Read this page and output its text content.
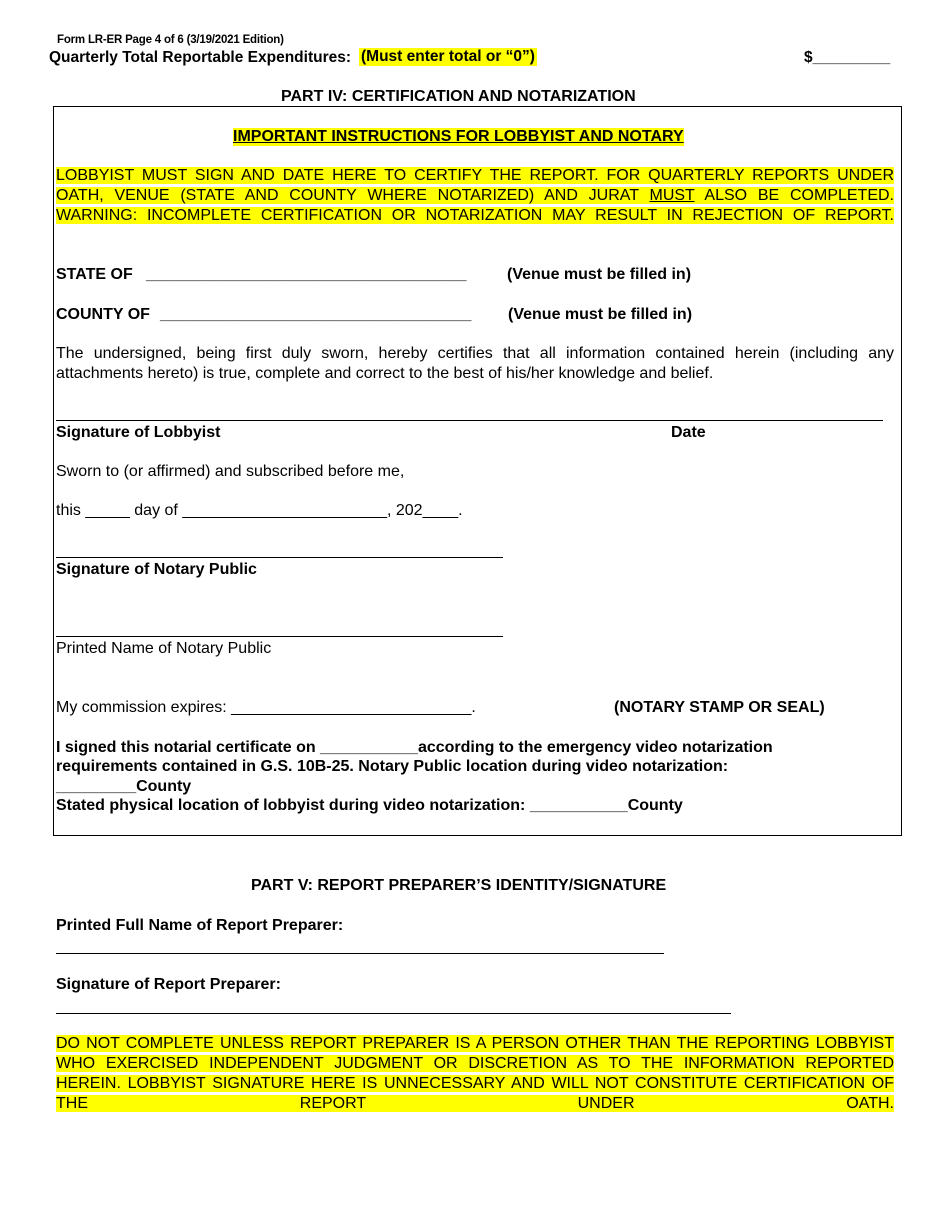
Form LR-ER Page 4 of 6 (3/19/2021 Edition)
Quarterly Total Reportable Expenditures: (Must enter total or “0”)	$_________
PART IV: CERTIFICATION AND NOTARIZATION
IMPORTANT INSTRUCTIONS FOR LOBBYIST AND NOTARY
LOBBYIST MUST SIGN AND DATE HERE TO CERTIFY THE REPORT. FOR QUARTERLY REPORTS UNDER OATH, VENUE (STATE AND COUNTY WHERE NOTARIZED) AND JURAT MUST ALSO BE COMPLETED. WARNING: INCOMPLETE CERTIFICATION OR NOTARIZATION MAY RESULT IN REJECTION OF REPORT.
STATE OF ____________________________________	(Venue must be filled in)
COUNTY OF ___________________________________ (Venue must be filled in)
The undersigned, being first duly sworn, hereby certifies that all information contained herein (including any attachments hereto) is true, complete and correct to the best of his/her knowledge and belief.
Signature of Lobbyist	Date
Sworn to (or affirmed) and subscribed before me,
this _____ day of _______________________, 202____.
Signature of Notary Public
Printed Name of Notary Public
My commission expires: ___________________________.	(NOTARY STAMP OR SEAL)
I signed this notarial certificate on ___________according to the emergency video notarization
requirements contained in G.S. 10B-25. Notary Public location during video notarization:
_________County
Stated physical location of lobbyist during video notarization: ___________County
PART V: REPORT PREPARER’S IDENTITY/SIGNATURE
Printed Full Name of Report Preparer:
Signature of Report Preparer:
DO NOT COMPLETE UNLESS REPORT PREPARER IS A PERSON OTHER THAN THE REPORTING LOBBYIST WHO EXERCISED INDEPENDENT JUDGMENT OR DISCRETION AS TO THE INFORMATION REPORTED HEREIN. LOBBYIST SIGNATURE HERE IS UNNECESSARY AND WILL NOT CONSTITUTE CERTIFICATION OF THE REPORT UNDER OATH.
